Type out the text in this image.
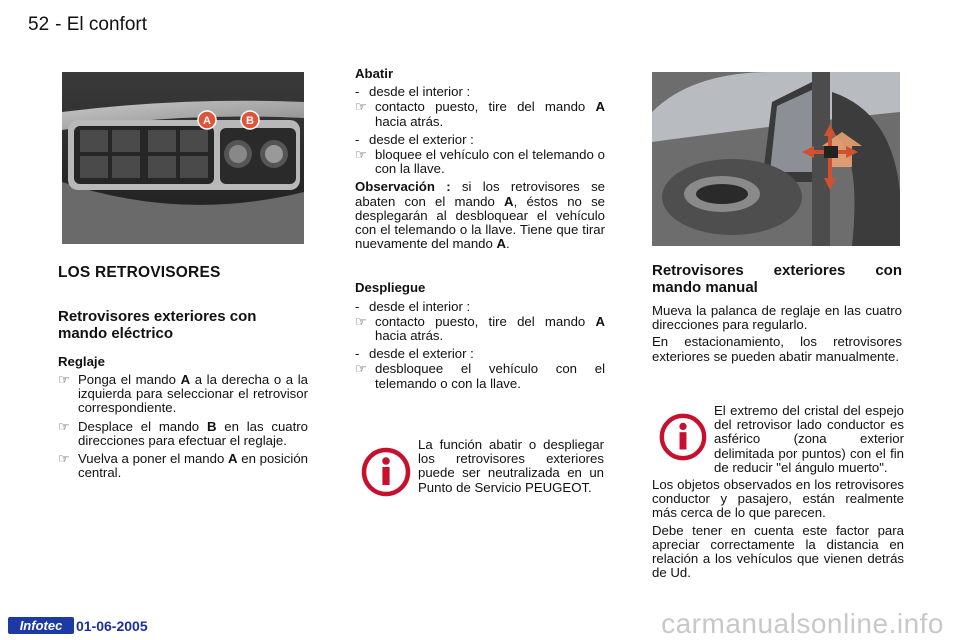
52 - El confort
A	B
LOS RETROVISORES
Retrovisores exteriores con mando eléctrico
Reglaje
☞ Ponga el mando A a la derecha o a la izquierda para seleccionar el retrovisor correspondiente.
☞ Desplace el mando B en las cuatro direcciones para efectuar el reglaje.
☞ Vuelva a poner el mando A en posición central.
Abatir
- desde el interior :
☞ contacto puesto, tire del mando A hacia atrás.
- desde el exterior :
☞ bloquee el vehículo con el telemando o con la llave.

Observación : si los retrovisores se abaten con el mando A, éstos no se desplegarán al desbloquear el vehículo con el telemando o la llave. Tiene que tirar nuevamente del mando A.

Despliegue
- desde el interior :
☞ contacto puesto, tire del mando A hacia atrás.
- desde el exterior :
☞ desbloquee el vehículo con el telemando o con la llave.
La función abatir o despliegar los retrovisores exteriores puede ser neutralizada en un Punto de Servicio PEUGEOT.
Retrovisores exteriores con mando manual

Mueva la palanca de reglaje en las cuatro direcciones para regularlo.

En estacionamiento, los retrovisores exteriores se pueden abatir manualmente.

El extremo del cristal del espejo del retrovisor lado conductor es asférico (zona exterior delimitada por puntos) con el fin de reducir "el ángulo muerto".

Los objetos observados en los retrovisores conductor y pasajero, están realmente más cerca de lo que parecen.

Debe tener en cuenta este factor para apreciar correctamente la distancia en relación a los vehículos que vienen detrás de Ud.

Infotec 01-06-2005	carmanualsonline.info
